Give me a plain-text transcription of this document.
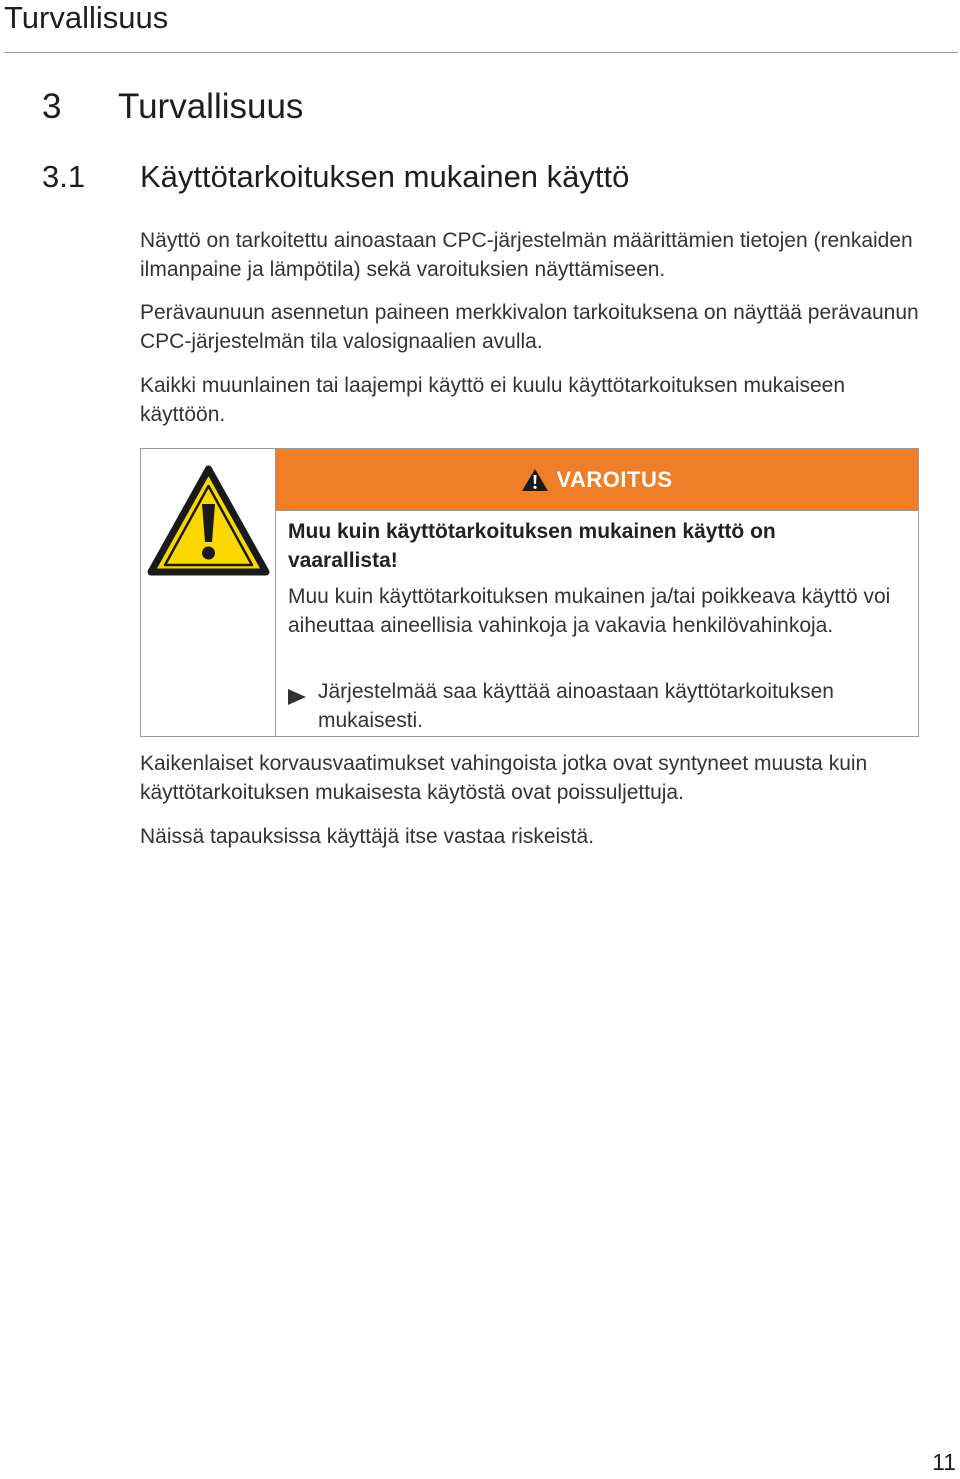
Turvallisuus
3 Turvallisuus
3.1 Käyttötarkoituksen mukainen käyttö

Näyttö on tarkoitettu ainoastaan CPC-järjestelmän määrittämien tietojen (renkaiden ilmanpaine ja lämpötila) sekä varoituksien näyttämiseen.

Perävaunuun asennetun paineen merkkivalon tarkoituksena on näyttää perävaunun CPC-järjestelmän tila valosignaalien avulla.

Kaikki muunlainen tai laajempi käyttö ei kuulu käyttötarkoituksen mukaiseen käyttöön.

VAROITUS
Muu kuin käyttötarkoituksen mukainen käyttö on vaarallista!
Muu kuin käyttötarkoituksen mukainen ja/tai poikkeava käyttö voi aiheuttaa aineellisia vahinkoja ja vakavia henkilövahinkoja.
Järjestelmää saa käyttää ainoastaan käyttötarkoituksen mukaisesti.

Kaikenlaiset korvausvaatimukset vahingoista jotka ovat syntyneet muusta kuin käyttötarkoituksen mukaisesta käytöstä ovat poissuljettuja.

Näissä tapauksissa käyttäjä itse vastaa riskeistä.

11
